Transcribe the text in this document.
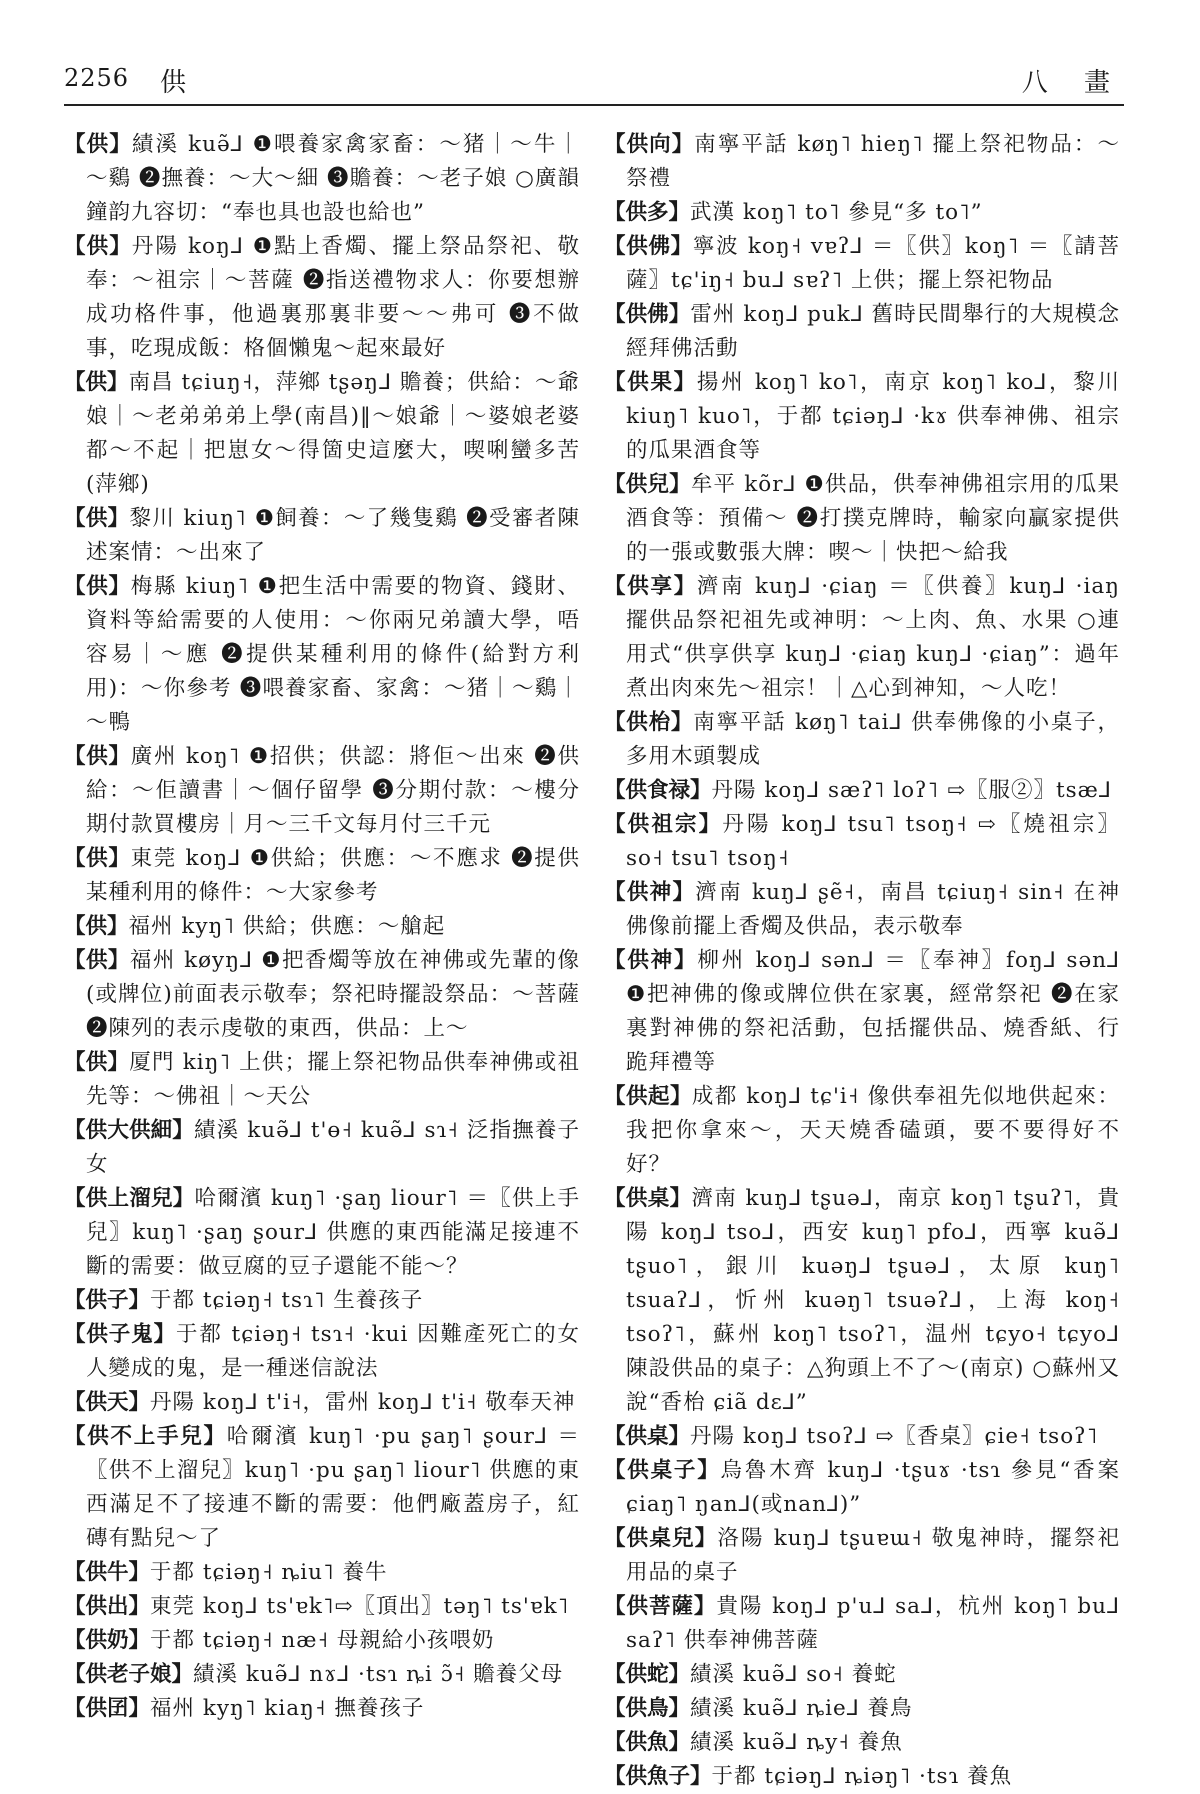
2256 供	八 畫
【供】績溪 kuə̃⅃ ❶喂養家禽家畜：～猪｜～牛｜～鷄 ❷撫養：～大～細 ❸贍養：～老子娘 ○廣韻鐘韵九容切：“奉也具也設也給也”
【供】丹陽 koŋ⅃ ❶點上香燭、擺上祭品祭祀、敬奉：～祖宗｜～菩薩 ❷指送禮物求人：你要想辦成功格件事，他過裏那裏非要～～弗可 ❸不做事，吃現成飯：格個懶鬼～起來最好
【供】南昌 tɕiuŋ˧，萍鄉 tʂəŋ⅃ 贍養；供給：～爺娘｜～老弟弟弟上學(南昌)‖～娘爺｜～婆娘老婆都～不起｜把崽女～得箇史這麼大，喫唎蠻多苦(萍鄉)
【供】黎川 kiuŋ˥ ❶飼養：～了幾隻鷄 ❷受審者陳述案情：～出來了
【供】梅縣 kiuŋ˥ ❶把生活中需要的物資、錢財、資料等給需要的人使用：～你兩兄弟讀大學，唔容易｜～應 ❷提供某種利用的條件(給對方利用)：～你參考 ❸喂養家畜、家禽：～猪｜～鷄｜～鴨
【供】廣州 koŋ˥ ❶招供；供認：將佢～出來 ❷供給：～佢讀書｜～個仔留學 ❸分期付款：～樓分期付款買樓房｜月～三千文每月付三千元
【供】東莞 koŋ⅃ ❶供給；供應：～不應求 ❷提供某種利用的條件：～大家參考
【供】福州 kyŋ˥ 供給；供應：～艙起
【供】福州 køyŋ⅃ ❶把香燭等放在神佛或先輩的像(或牌位)前面表示敬奉；祭祀時擺設祭品：～菩薩 ❷陳列的表示虔敬的東西，供品：上～
【供】厦門 kiŋ˥ 上供；擺上祭祀物品供奉神佛或祖先等：～佛祖｜～天公
【供大供細】績溪 kuə̃⅃ t'ɵ˧ kuə̃⅃ sɿ˧ 泛指撫養子女
【供上溜兒】哈爾濱 kuŋ˥ ·ʂaŋ liour˥ ＝〖供上手兒〗kuŋ˥ ·ʂaŋ ʂour⅃ 供應的東西能滿足接連不斷的需要：做豆腐的豆子還能不能～？
【供子】于都 tɕiəŋ˧ tsɿ˥ 生養孩子
【供子鬼】于都 tɕiəŋ˧ tsɿ˧ ·kui 因難產死亡的女人變成的鬼，是一種迷信說法
【供天】丹陽 koŋ⅃ t'i˧，雷州 koŋ⅃ t'i˧ 敬奉天神
【供不上手兒】哈爾濱 kuŋ˥ ·pu ʂaŋ˥ ʂour⅃ ＝〖供不上溜兒〗kuŋ˥ ·pu ʂaŋ˥ liour˥ 供應的東西滿足不了接連不斷的需要：他們廠蓋房子，紅磚有點兒～了
【供牛】于都 tɕiəŋ˧ ȵiu˥ 養牛
【供出】東莞 koŋ⅃ ts'ɐk˥⇨〖頂出〗təŋ˥ ts'ɐk˥
【供奶】于都 tɕiəŋ˧ næ˧ 母親給小孩喂奶
【供老子娘】績溪 kuə̃⅃ nɤ⅃ ·tsɿ ȵi ɔ̃˧ 贍養父母
【供囝】福州 kyŋ˥ kiaŋ˧ 撫養孩子
【供向】南寧平話 køŋ˥ hieŋ˥ 擺上祭祀物品：～祭禮
【供多】武漢 koŋ˥ to˥ 參見“多 to˥”
【供佛】寧波 koŋ˧ vɐʔ⅃ ＝〖供〗koŋ˥ ＝〖請菩薩〗tɕ'iŋ˧ bu⅃ sɐʔ˥ 上供；擺上祭祀物品
【供佛】雷州 koŋ⅃ puk⅃ 舊時民間舉行的大規模念經拜佛活動
【供果】揚州 koŋ˥ ko˥，南京 koŋ˥ ko⅃，黎川 kiuŋ˥ kuo˥，于都 tɕiəŋ⅃ ·kɤ 供奉神佛、祖宗的瓜果酒食等
【供兒】牟平 kõr⅃ ❶供品，供奉神佛祖宗用的瓜果酒食等：預備～ ❷打撲克牌時，輸家向贏家提供的一張或數張大牌：喫～｜快把～給我
【供享】濟南 kuŋ⅃ ·ɕiaŋ ＝〖供養〗kuŋ⅃ ·iaŋ 擺供品祭祀祖先或神明：～上肉、魚、水果 ○連用式“供享供享 kuŋ⅃ ·ɕiaŋ kuŋ⅃ ·ɕiaŋ”：過年煮出肉來先～祖宗！｜△心到神知，～人吃！
【供枱】南寧平話 køŋ˥ tai⅃ 供奉佛像的小桌子，多用木頭製成
【供食禄】丹陽 koŋ⅃ sæʔ˥ loʔ˥ ⇨〖服②〗tsæ⅃
【供祖宗】丹陽 koŋ⅃ tsu˥ tsoŋ˧ ⇨〖燒祖宗〗so˧ tsu˥ tsoŋ˧
【供神】濟南 kuŋ⅃ ʂẽ˧，南昌 tɕiuŋ˧ sin˧ 在神佛像前擺上香燭及供品，表示敬奉
【供神】柳州 koŋ⅃ sən⅃ ＝〖奉神〗foŋ⅃ sən⅃ ❶把神佛的像或牌位供在家裏，經常祭祀 ❷在家裏對神佛的祭祀活動，包括擺供品、燒香紙、行跪拜禮等
【供起】成都 koŋ⅃ tɕ'i˧ 像供奉祖先似地供起來：我把你拿來～，天天燒香磕頭，要不要得好不好？
【供桌】濟南 kuŋ⅃ tʂuə⅃，南京 koŋ˥ tʂuʔ˥，貴陽 koŋ⅃ tso⅃，西安 kuŋ˥ pfo⅃，西寧 kuə̃⅃ tʂuo˥，銀川 kuəŋ⅃ tʂuə⅃，太原 kuŋ˥ tsuaʔ⅃，忻州 kuəŋ˥ tsuəʔ⅃，上海 koŋ˧ tsoʔ˥，蘇州 koŋ˥ tsoʔ˥，温州 tɕyo˧ tɕyo⅃ 陳設供品的桌子：△狗頭上不了～(南京) ○蘇州又說“香枱 ɕiã dɛ⅃”
【供桌】丹陽 koŋ⅃ tsoʔ⅃ ⇨〖香桌〗ɕie˧ tsoʔ˥
【供桌子】烏魯木齊 kuŋ⅃ ·tʂuɤ ·tsɿ 參見“香案 ɕiaŋ˥ ŋan⅃(或nan⅃)”
【供桌兒】洛陽 kuŋ⅃ tʂuɐɯ˧ 敬鬼神時，擺祭祀用品的桌子
【供菩薩】貴陽 koŋ⅃ p'u⅃ sa⅃，杭州 koŋ˥ bu⅃ saʔ˥ 供奉神佛菩薩
【供蛇】績溪 kuə̃⅃ so˧ 養蛇
【供鳥】績溪 kuə̃⅃ ȵie⅃ 養鳥
【供魚】績溪 kuə̃⅃ ȵy˧ 養魚
【供魚子】于都 tɕiəŋ⅃ ȵiəŋ˥ ·tsɿ 養魚
